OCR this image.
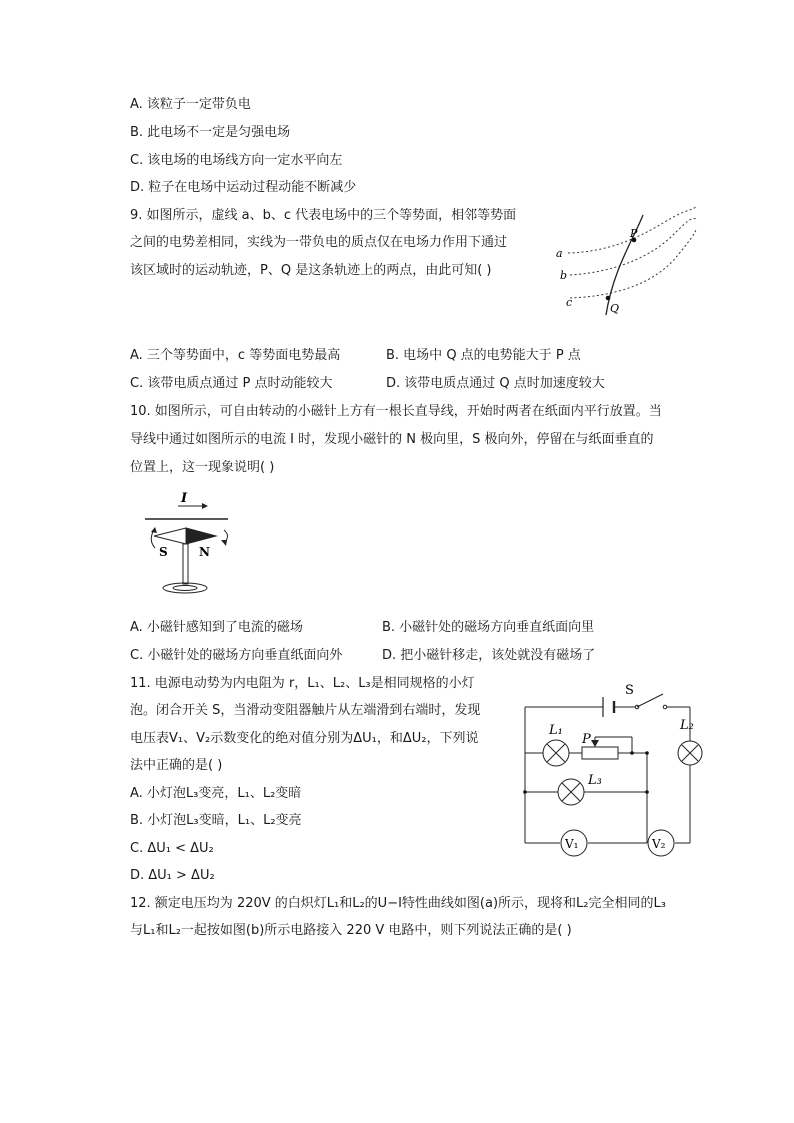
A. 该粒子一定带负电
B. 此电场不一定是匀强电场
C. 该电场的电场线方向一定水平向左
D. 粒子在电场中运动过程动能不断减少
9. 如图所示，虚线 a、b、c 代表电场中的三个等势面，相邻等势面
之间的电势差相同，实线为一带负电的质点仅在电场力作用下通过
该区域时的运动轨迹，P、Q 是这条轨迹上的两点，由此可知( )
a
b
c
P
Q
A. 三个等势面中，c 等势面电势最高	B. 电场中 Q 点的电势能大于 P 点
C. 该带电质点通过 P 点时动能较大	D. 该带电质点通过 Q 点时加速度较大
10. 如图所示，可自由转动的小磁针上方有一根长直导线，开始时两者在纸面内平行放置。当
导线中通过如图所示的电流 I 时，发现小磁针的 N 极向里，S 极向外，停留在与纸面垂直的
位置上，这一现象说明( )
I
S	N
A. 小磁针感知到了电流的磁场	B. 小磁针处的磁场方向垂直纸面向里
C. 小磁针处的磁场方向垂直纸面向外	D. 把小磁针移走，该处就没有磁场了
11. 电源电动势为内电阻为 r，L₁、L₂、L₃是相同规格的小灯
泡。闭合开关 S，当滑动变阻器触片从左端滑到右端时，发现
电压表V₁、V₂示数变化的绝对值分别为ΔU₁，和ΔU₂，下列说
法中正确的是( )
A. 小灯泡L₃变亮，L₁、L₂变暗
B. 小灯泡L₃变暗，L₁、L₂变亮
C. ΔU₁ < ΔU₂
D. ΔU₁ > ΔU₂
S
L₁
P
L₂
L₃
V₁	V₂
12. 额定电压均为 220V 的白炽灯L₁和L₂的U−I特性曲线如图(a)所示，现将和L₂完全相同的L₃
与L₁和L₂一起按如图(b)所示电路接入 220 V 电路中，则下列说法正确的是( )
